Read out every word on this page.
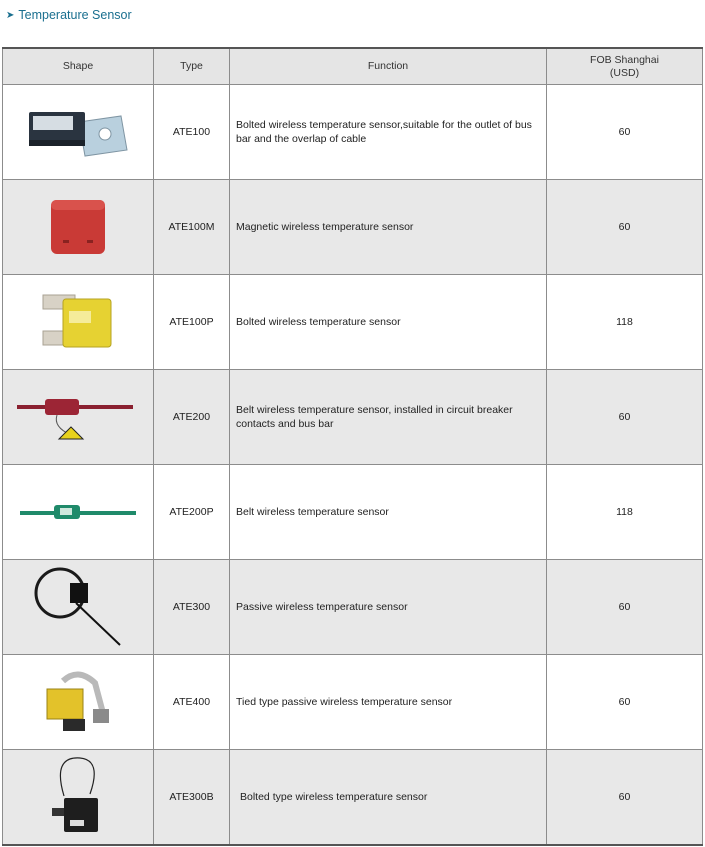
➤ Temperature Sensor
Shape	Type	Function	FOB Shanghai
(USD)

	ATE100	Bolted wireless temperature sensor,suitable for the outlet of bus bar and the overlap of cable	60

	ATE100M	Magnetic wireless temperature sensor	60

	ATE100P	Bolted wireless temperature sensor	118

	ATE200	Belt wireless temperature sensor, installed in circuit breaker contacts and bus bar	60

	ATE200P	Belt wireless temperature sensor	118

	ATE300	Passive wireless temperature sensor	60

	ATE400	Tied type passive wireless temperature sensor	60

	ATE300B	Bolted type wireless temperature sensor	60
